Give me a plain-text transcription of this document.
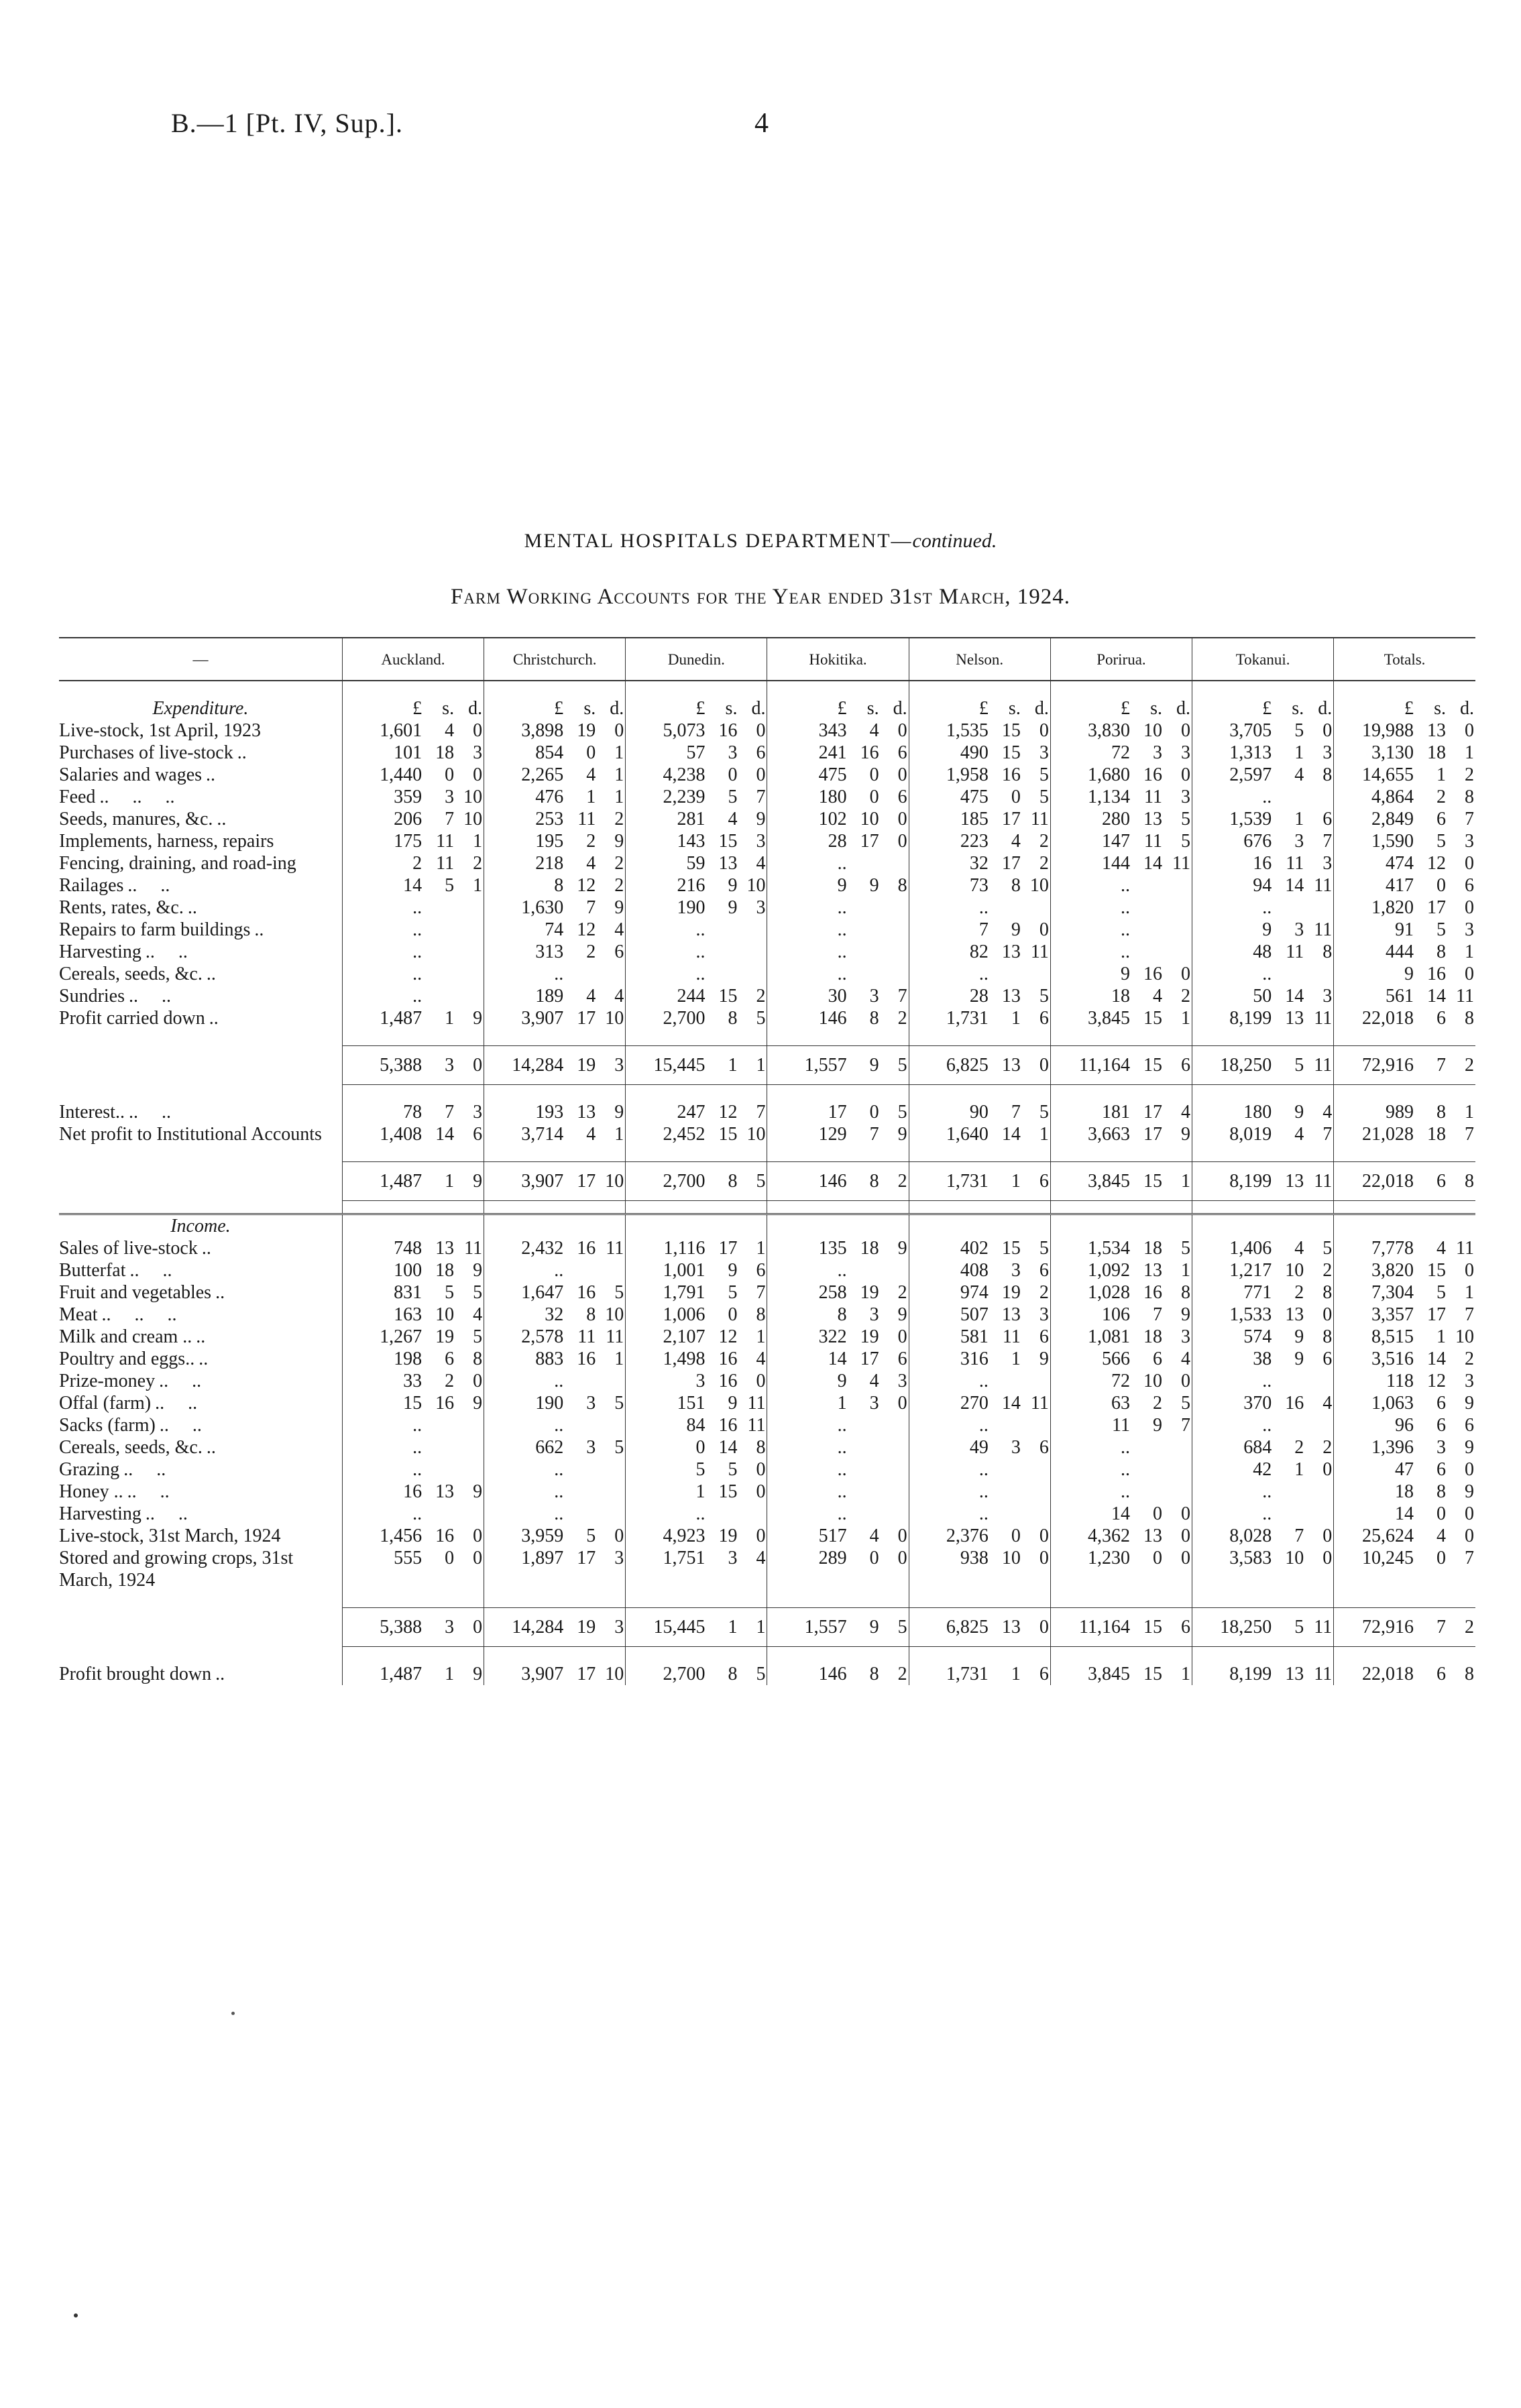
B.—1 [Pt. IV, Sup.].	4
MENTAL HOSPITALS DEPARTMENT—continued.
Farm Working Accounts for the Year ended 31st March, 1924.
—	Auckland.	Christchurch.	Dunedin.	Hokitika.	Nelson.	Porirua.	Tokanui.	Totals.

Expenditure.	£ s. d.	£ s. d.	£ s. d.	£ s. d.	£ s. d.	£ s. d.	£ s. d.	£ s. d.

Live-stock, 1st April, 1923	1,601 4 0	3,898 19 0	5,073 16 0	343 4 0	1,535 15 0	3,830 10 0	3,705 5 0	19,988 13 0

Purchases of live-stock ..	101 18 3	854 0 1	57 3 6	241 16 6	490 15 3	72 3 3	1,313 1 3	3,130 18 1

Salaries and wages ..	1,440 0 0	2,265 4 1	4,238 0 0	475 0 0	1,958 16 5	1,680 16 0	2,597 4 8	14,655 1 2

Feed ..     ..     ..	359 3 10	476 1 1	2,239 5 7	180 0 6	475 0 5	1,134 11 3	..	4,864 2 8

Seeds, manures, &c. ..	206 7 10	253 11 2	281 4 9	102 10 0	185 17 11	280 13 5	1,539 1 6	2,849 6 7

Implements, harness, repairs	175 11 1	195 2 9	143 15 3	28 17 0	223 4 2	147 11 5	676 3 7	1,590 5 3

Fencing, draining, and road-ing	2 11 2	218 4 2	59 13 4	..	32 17 2	144 14 11	16 11 3	474 12 0

Railages ..     ..	14 5 1	8 12 2	216 9 10	9 9 8	73 8 10	..	94 14 11	417 0 6

Rents, rates, &c. ..	..	1,630 7 9	190 9 3	..	..	..	..	1,820 17 0

Repairs to farm buildings ..	..	74 12 4	..	..	7 9 0	..	9 3 11	91 5 3

Harvesting ..     ..	..	313 2 6	..	..	82 13 11	..	48 11 8	444 8 1

Cereals, seeds, &c. ..	..	..	..	..	..	9 16 0	..	9 16 0

Sundries ..     ..	..	189 4 4	244 15 2	30 3 7	28 13 5	18 4 2	50 14 3	561 14 11

Profit carried down ..	1,487 1 9	3,907 17 10	2,700 8 5	146 8 2	1,731 1 6	3,845 15 1	8,199 13 11	22,018 6 8

	5,388 3 0	14,284 19 3	15,445 1 1	1,557 9 5	6,825 13 0	11,164 15 6	18,250 5 11	72,916 7 2

Interest.. ..     ..	78 7 3	193 13 9	247 12 7	17 0 5	90 7 5	181 17 4	180 9 4	989 8 1

Net profit to Institutional Accounts	1,408 14 6	3,714 4 1	2,452 15 10	129 7 9	1,640 14 1	3,663 17 9	8,019 4 7	21,028 18 7

	1,487 1 9	3,907 17 10	2,700 8 5	146 8 2	1,731 1 6	3,845 15 1	8,199 13 11	22,018 6 8

Income.								
Sales of live-stock ..	748 13 11	2,432 16 11	1,116 17 1	135 18 9	402 15 5	1,534 18 5	1,406 4 5	7,778 4 11

Butterfat ..     ..	100 18 9	..	1,001 9 6	..	408 3 6	1,092 13 1	1,217 10 2	3,820 15 0

Fruit and vegetables ..	831 5 5	1,647 16 5	1,791 5 7	258 19 2	974 19 2	1,028 16 8	771 2 8	7,304 5 1

Meat ..     ..     ..	163 10 4	32 8 10	1,006 0 8	8 3 9	507 13 3	106 7 9	1,533 13 0	3,357 17 7

Milk and cream .. ..	1,267 19 5	2,578 11 11	2,107 12 1	322 19 0	581 11 6	1,081 18 3	574 9 8	8,515 1 10

Poultry and eggs.. ..	198 6 8	883 16 1	1,498 16 4	14 17 6	316 1 9	566 6 4	38 9 6	3,516 14 2

Prize-money ..     ..	33 2 0	..	3 16 0	9 4 3	..	72 10 0	..	118 12 3

Offal (farm) ..     ..	15 16 9	190 3 5	151 9 11	1 3 0	270 14 11	63 2 5	370 16 4	1,063 6 9

Sacks (farm) ..     ..	..	..	84 16 11	..	..	11 9 7	..	96 6 6

Cereals, seeds, &c. ..	..	662 3 5	0 14 8	..	49 3 6	..	684 2 2	1,396 3 9

Grazing ..     ..	..	..	5 5 0	..	..	..	42 1 0	47 6 0

Honey .. ..     ..	16 13 9	..	1 15 0	..	..	..	..	18 8 9

Harvesting ..     ..	..	..	..	..	..	14 0 0	..	14 0 0

Live-stock, 31st March, 1924	1,456 16 0	3,959 5 0	4,923 19 0	517 4 0	2,376 0 0	4,362 13 0	8,028 7 0	25,624 4 0

Stored and growing crops, 31st March, 1924	555 0 0	1,897 17 3	1,751 3 4	289 0 0	938 10 0	1,230 0 0	3,583 10 0	10,245 0 7

	5,388 3 0	14,284 19 3	15,445 1 1	1,557 9 5	6,825 13 0	11,164 15 6	18,250 5 11	72,916 7 2

Profit brought down ..	1,487 1 9	3,907 17 10	2,700 8 5	146 8 2	1,731 1 6	3,845 15 1	8,199 13 11	22,018 6 8
